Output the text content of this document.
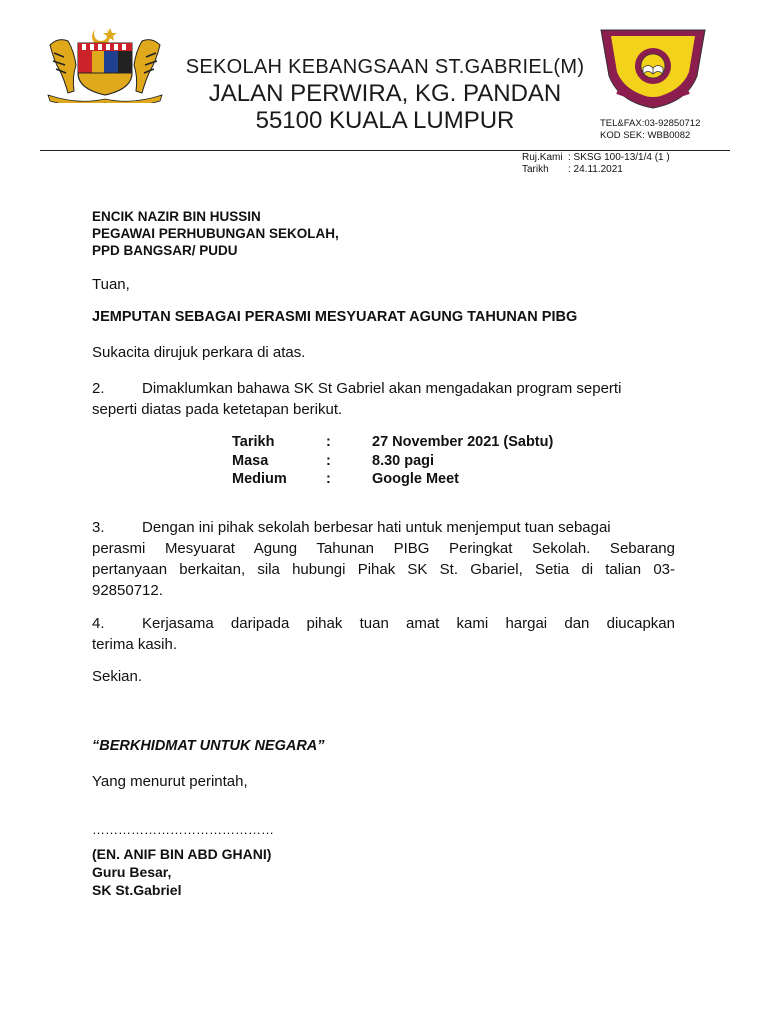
SEKOLAH KEBANGSAAN ST.GABRIEL(M)
JALAN PERWIRA, KG. PANDAN
55100 KUALA LUMPUR	TEL&FAX:03-92850712
KOD SEK: WBB0082
Ruj.Kami : SKSG 100-13/1/4 (1 )
Tarikh : 24.11.2021
ENCIK NAZIR BIN HUSSIN
PEGAWAI PERHUBUNGAN SEKOLAH,
PPD BANGSAR/ PUDU
Tuan,
JEMPUTAN SEBAGAI PERASMI MESYUARAT AGUNG TAHUNAN PIBG
Sukacita dirujuk perkara di atas.
2. Dimaklumkan bahawa SK St Gabriel akan mengadakan program seperti
seperti diatas pada ketetapan berikut.
Tarikh	:	27 November 2021 (Sabtu)
Masa	:	8.30 pagi
Medium	:	Google Meet
3. Dengan ini pihak sekolah berbesar hati untuk menjemput tuan sebagai
perasmi Mesyuarat Agung Tahunan PIBG Peringkat Sekolah. Sebarang
pertanyaan berkaitan, sila hubungi Pihak SK St. Gbariel, Setia di talian 03-
92850712.
4.	Kerjasama daripada pihak tuan amat kami hargai dan diucapkan
terima kasih.
Sekian.
“BERKHIDMAT UNTUK NEGARA”
Yang menurut perintah,
……………………………………
(EN. ANIF BIN ABD GHANI)
Guru Besar,
SK St.Gabriel
